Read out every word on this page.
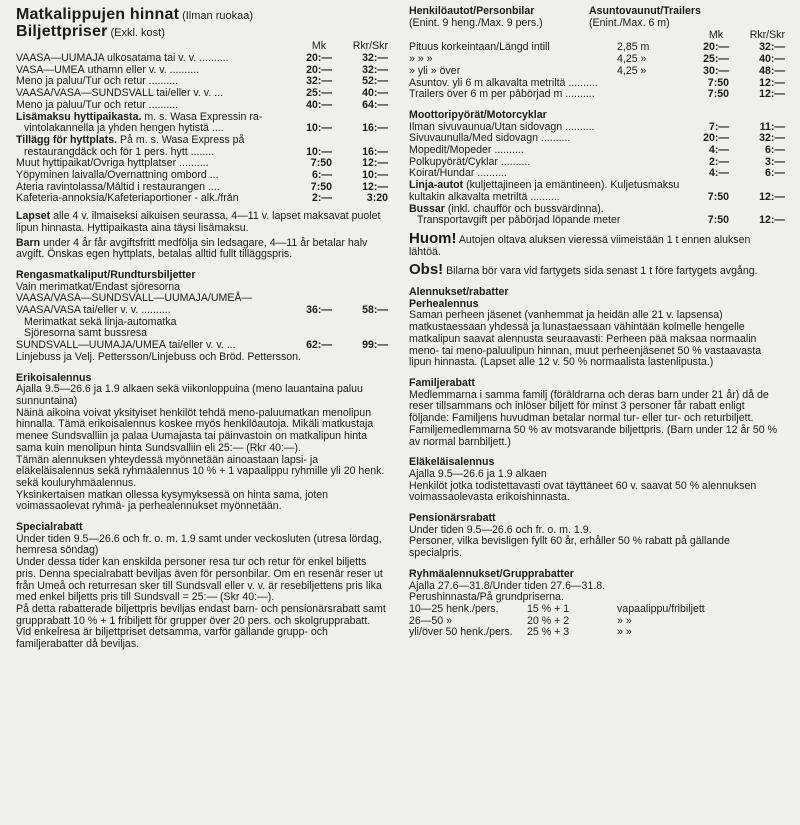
Matkalippujen hinnat (Ilman ruokaa)
Biljettpriser (Exkl. kost)
Mk	Rkr/Skr
VAASA—UUMAJA ulkosatama tai v. v. ..........	20:—	32:—
VASA—UMEÅ uthamn eller v. v. ..........	20:—	32:—
Meno ja paluu/Tur och retur ..........	32:—	52:—
VAASA/VASA—SUNDSVALL tai/eller v. v. ...	25:—	40:—
Meno ja paluu/Tur och retur ..........	40:—	64:—
Lisämaksu hyttipaikasta. m. s. Wasa Expressin ra-
vintolakannella ja yhden hengen hytistä ....	10:—	16:—
Tillägg för hyttplats. På m. s. Wasa Express på
restaurangdäck och för 1 pers. hytt ........	10:—	16:—
Muut hyttipaikat/Övriga hyttplatser ..........	7:50	12:—
Yöpyminen laivalla/Övernattning ombord ...	6:—	10:—
Ateria ravintolassa/Måltid i restaurangen ....	7:50	12:—
Kafeteria-annoksia/Kafeteriaportioner - alk./från	2:—	3:20

Lapset alle 4 v. ilmaiseksi aikuisen seurassa, 4—11 v. lapset maksavat puolet lipun hinnasta. Hyttipaikasta aina täysi lisämaksu.

Barn under 4 år får avgiftsfritt medfölja sin ledsagare, 4—11 år betalar halv avgift. Önskas egen hyttplats, betalas alltid fullt tilläggspris.

Rengasmatkaliput/Rundtursbiljetter
Vain merimatkat/Endast sjöresorna
VAASA/VASA—SUNDSVALL—UUMAJA/UMEÅ—
VAASA/VASA tai/eller v. v. ..........	36:—	58:—
Merimatkat sekä linja-automatka
Sjöresorna samt bussresa
SUNDSVALL—UUMAJA/UMEÅ tai/eller v. v. ...	62:—	99:—
Linjebuss ja Velj. Pettersson/Linjebuss och Bröd. Pettersson.
Erikoisalennus

Ajalla 9.5—26.6 ja 1.9 alkaen sekä viikonloppuina (meno lauantaina paluu sunnuntaina)

Näinä aikoina voivat yksityiset henkilöt tehdä meno-paluumatkan menolipun hinnalla. Tämä erikoisalennus koskee myös henkilöautoja. Mikäli matkustaja menee Sundsvalliin ja palaa Uumajasta tai päinvastoin on matkalipun hinta sama kuin menolipun hinta Sundsvalliin eli 25:— (Rkr 40:—).

Tämän alennuksen yhteydessä myönnetään ainoastaan lapsi- ja eläkeläisalennus sekä ryhmäalennus 10 % + 1 vapaalippu ryhmille yli 20 henk. sekä kouluryhmäalennus.

Yksinkertaisen matkan ollessa kysymyksessä on hinta sama, joten voimassaolevat ryhmä- ja perhealennukset myönnetään.

Specialrabatt

Under tiden 9.5—26.6 och fr. o. m. 1.9 samt under veckosluten (utresa lördag, hemresa söndag)

Under dessa tider kan enskilda personer resa tur och retur för enkel biljetts pris. Denna specialrabatt beviljas även för personbilar. Om en resenär reser ut från Umeå och returresan sker till Sundsvall eller v. v. är resebiljettens pris lika med enkel biljetts pris till Sundsvall = 25:— (Skr 40:—).

På detta rabatterade biljettpris beviljas endast barn- och pensionärsrabatt samt grupprabatt 10 % + 1 fribiljett för grupper över 20 pers. och skolgrupprabatt.

Vid enkelresa är biljettpriset detsamma, varför gällande grupp- och familjerabatter då beviljas.

Henkilöautot/Personbilar	Asuntovaunut/Trailers
(Enint. 9 heng./Max. 9 pers.)	(Enint./Max. 6 m)
Mk	Rkr/Skr
Pituus korkeintaan/Längd intill	2,85 m	20:—	32:—
» » »	4,25 »	25:—	40:—
» yli » över	4,25 »	30:—	48:—
Asuntov. yli 6 m alkavalta metriltä ..........	7:50	12:—
Trailers över 6 m per påbörjad m ..........	7:50	12:—
Moottoripyörät/Motorcyklar
Ilman sivuvaunua/Utan sidovagn ..........	7:—	11:—
Sivuvaunulla/Med sidovagn ..........	20:—	32:—
Mopedit/Mopeder ..........	4:—	6:—
Polkupyörät/Cyklar ..........	2:—	3:—
Koirat/Hundar ..........	4:—	6:—
Linja-autot (kuljettajineen ja emäntineen). Kuljetusmaksu kultakin alkavalta metriltä ..........	7:50	12:—
Bussar (inkl. chaufför och bussvärdinna).
Transportavgift per påbörjad löpande meter	7:50	12:—

Huom! Autojen oltava aluksen vieressä viimeistään 1 t ennen aluksen lähtöä.

Obs! Bilarna bör vara vid fartygets sida senast 1 t före fartygets avgång.

Alennukset/rabatter
Perhealennus

Saman perheen jäsenet (vanhemmat ja heidän alle 21 v. lapsensa) matkustaessaan yhdessä ja lunastaessaan vähintään kolmelle hengelle matkalipun saavat alennusta seuraavasti: Perheen pää maksaa normaalin meno- tai meno-paluulipun hinnan, muut perheenjäsenet 50 % vastaavasta lipun hinnasta. (Lapset alle 12 v. 50 % normaalista lastenlipusta.)

Familjerabatt

Medlemmarna i samma familj (föräldrarna och deras barn under 21 år) då de reser tillsammans och inlöser biljett för minst 3 personer får rabatt enligt följande: Familjens huvudman betalar normal tur- eller tur- och returbiljett. Familjemedlemmarna 50 % av motsvarande biljettpris. (Barn under 12 år 50 % av normal barnbiljett.)

Eläkeläisalennus

Ajalla 9.5—26.6 ja 1.9 alkaen

Henkilöt jotka todistettavasti ovat täyttäneet 60 v. saavat 50 % alennuksen voimassaolevasta erikoishinnasta.

Pensionärsrabatt

Under tiden 9.5—26.6 och fr. o. m. 1.9.

Personer, vilka bevisligen fyllt 60 år, erhåller 50 % rabatt på gällande specialpris.

Ryhmäalennukset/Grupprabatter

Ajalla 27.6—31.8/Under tiden 27.6—31.8.

Perushinnasta/På grundpriserna.

10—25 henk./pers.	15 % + 1	vapaalippu/fribiljett
26—50 »	20 % + 2	» »
yli/över 50 henk./pers.	25 % + 3	» »
